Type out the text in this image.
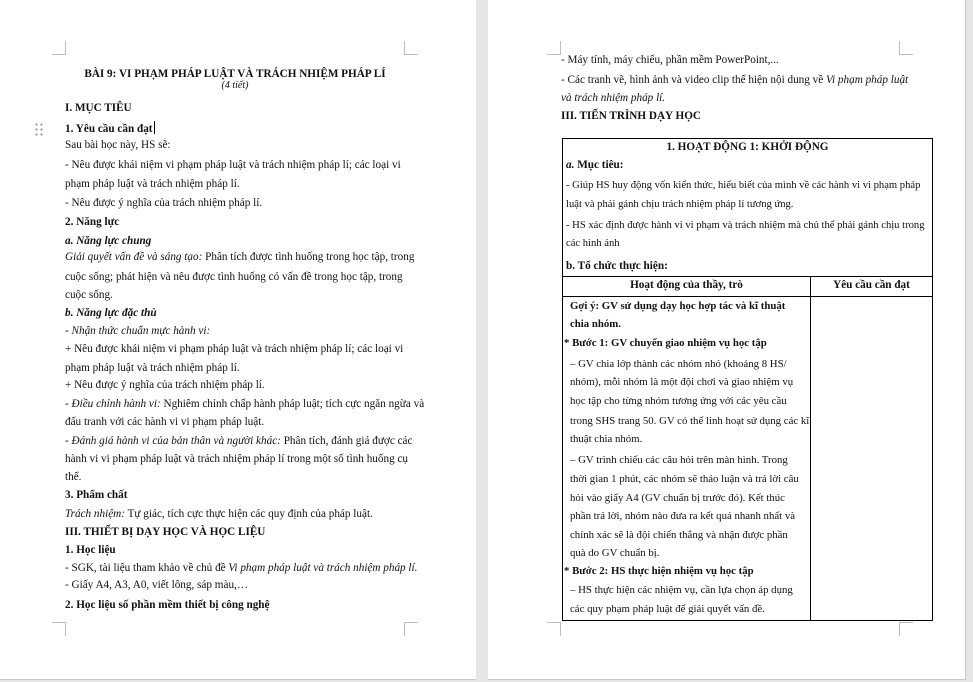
BÀI 9: VI PHẠM PHÁP LUẬT VÀ TRÁCH NHIỆM PHÁP LÍ
(4 tiết)
I. MỤC TIÊU
1. Yêu cầu cần đạt
Sau bài học này, HS sẽ:
- Nêu được khái niệm vi phạm pháp luật và trách nhiệm pháp lí; các loại vi
phạm pháp luật và trách nhiệm pháp lí.
- Nêu được ý nghĩa của trách nhiệm pháp lí.
2. Năng lực
a. Năng lực chung
Giải quyết vấn đề và sáng tạo: Phân tích được tình huống trong học tập, trong
cuộc sống; phát hiện và nêu được tình huống có vấn đề trong học tập, trong
cuộc sống.
b. Năng lực đặc thù
- Nhận thức chuẩn mực hành vi:
+ Nêu được khái niệm vi phạm pháp luật và trách nhiệm pháp lí; các loại vi
phạm pháp luật và trách nhiệm pháp lí.
+ Nêu được ý nghĩa của trách nhiệm pháp lí.
- Điều chỉnh hành vi: Nghiêm chỉnh chấp hành pháp luật; tích cực ngăn ngừa và
đấu tranh với các hành vi vi phạm pháp luật.
- Đánh giá hành vi của bản thân và người khác: Phân tích, đánh giá được các
hành vi vi phạm pháp luật và trách nhiệm pháp lí trong một số tình huống cụ
thể.
3. Phẩm chất
Trách nhiệm: Tự giác, tích cực thực hiện các quy định của pháp luật.
III. THIẾT BỊ DẠY HỌC VÀ HỌC LIỆU
1. Học liệu
- SGK, tài liệu tham khảo về chủ đề Vi phạm pháp luật và trách nhiệm pháp lí.
- Giấy A4, A3, A0, viết lông, sáp màu,…
2. Học liệu số phần mềm thiết bị công nghệ
- Máy tính, máy chiếu, phần mềm PowerPoint,...
- Các tranh vẽ, hình ảnh và video clip thể hiện nội dung về Vi phạm pháp luật
và trách nhiệm pháp lí.
III. TIẾN TRÌNH DẠY HỌC
1. HOẠT ĐỘNG 1: KHỞI ĐỘNG
a. Mục tiêu:
- Giúp HS huy động vốn kiến thức, hiểu biết của mình về các hành vi vi phạm pháp
luật và phải gánh chịu trách nhiệm pháp lí tương ứng.
- HS xác định được hành vi vi phạm và trách nhiệm mà chủ thể phải gánh chịu trong
các hình ảnh
b. Tổ chức thực hiện:
Hoạt động của thầy, trò	Yêu cầu cần đạt
Gợi ý: GV sử dụng dạy học hợp tác và kĩ thuật
chia nhóm.
* Bước 1: GV chuyển giao nhiệm vụ học tập
– GV chia lớp thành các nhóm nhỏ (khoảng 8 HS/
nhóm), mỗi nhóm là một đội chơi và giao nhiệm vụ
học tập cho từng nhóm tương ứng với các yêu cầu
trong SHS trang 50. GV có thể linh hoạt sử dụng các kĩ
thuật chia nhóm.
– GV trình chiếu các câu hỏi trên màn hình. Trong
thời gian 1 phút, các nhóm sẽ thảo luận và trả lời câu
hỏi vào giấy A4 (GV chuẩn bị trước đó). Kết thúc
phần trả lời, nhóm nào đưa ra kết quả nhanh nhất và
chính xác sẽ là đội chiến thắng và nhận được phần
quà do GV chuẩn bị.
* Bước 2: HS thực hiện nhiệm vụ học tập
– HS thực hiện các nhiệm vụ, cần lựa chọn áp dụng
các quy phạm pháp luật để giải quyết vấn đề.
